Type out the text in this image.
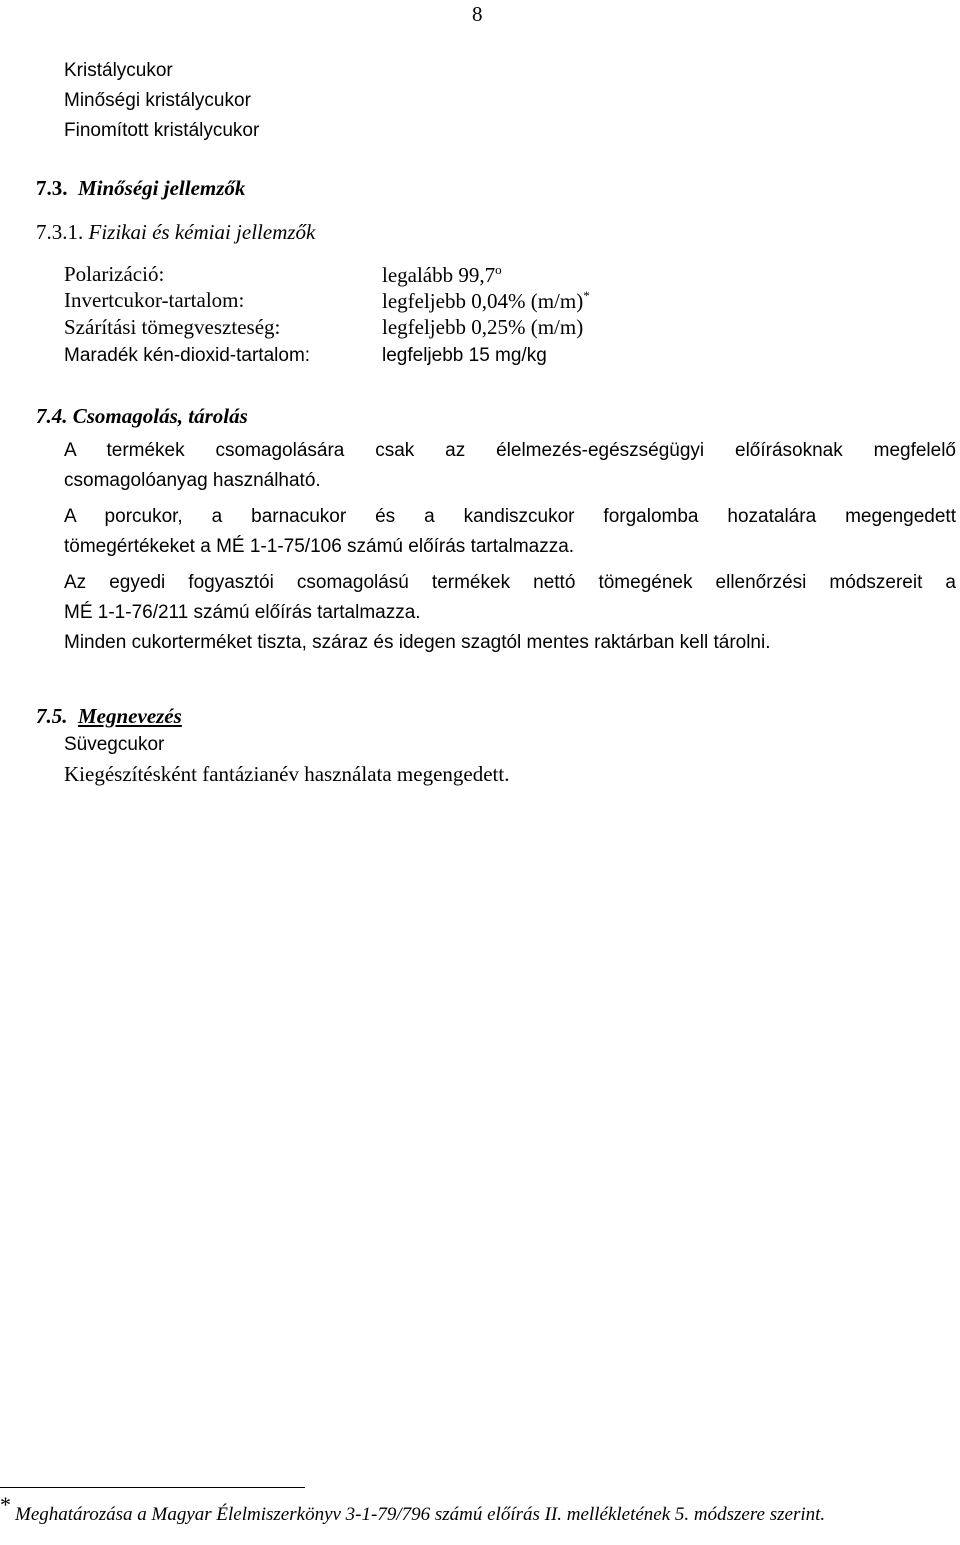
8
Kristálycukor
Minőségi kristálycukor
Finomított kristálycukor
7.3. Minőségi jellemzők
7.3.1. Fizikai és kémiai jellemzők
Polarizáció:	legalább 99,7$^o$
Invertcukor-tartalom:	legfeljebb 0,04% (m/m)*
Szárítási tömegveszteség:	legfeljebb 0,25% (m/m)
Maradék kén-dioxid-tartalom:	legfeljebb 15 mg/kg
7.4. Csomagolás, tárolás
A termékek csomagolására csak az élelmezés-egészségügyi előírásoknak megfelelő
csomagolóanyag használható.
A porcukor, a barnacukor és a kandiszcukor forgalomba hozatalára megengedett
tömegértékeket a MÉ 1-1-75/106 számú előírás tartalmazza.
Az egyedi fogyasztói csomagolású termékek nettó tömegének ellenőrzési módszereit a
MÉ 1-1-76/211 számú előírás tartalmazza.
Minden cukorterméket tiszta, száraz és idegen szagtól mentes raktárban kell tárolni.
7.5. Megnevezés
Süvegcukor
Kiegészítésként fantázianév használata megengedett.
* Meghatározása a Magyar Élelmiszerkönyv 3-1-79/796 számú előírás II. mellékletének 5. módszere szerint.
